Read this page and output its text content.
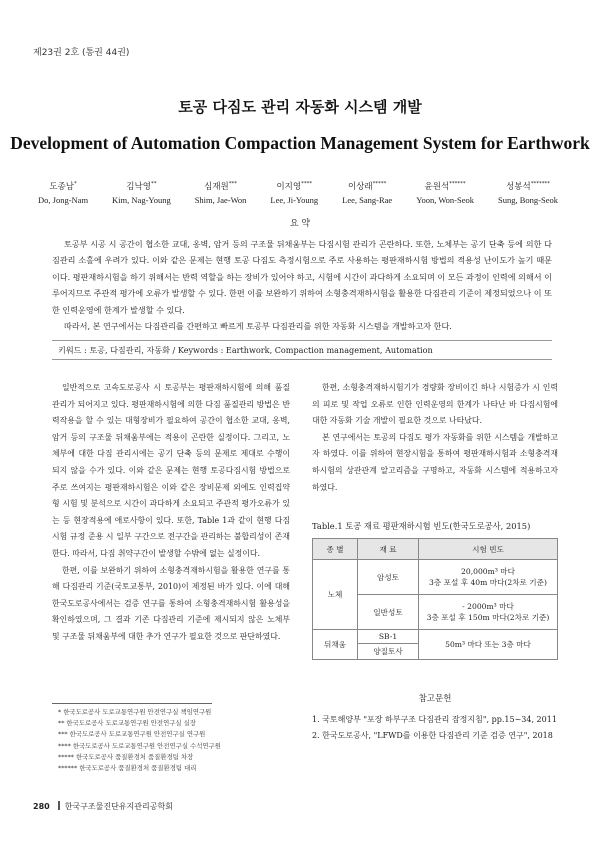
제23권 2호 (통권 44권)
토공 다짐도 관리 자동화 시스템 개발
Development of Automation Compaction Management System for Earthwork
도종남*
Do, Jong-Nam
김낙영**
Kim, Nag-Young
심재원***
Shim, Jae-Won
이지영****
Lee, Ji-Young
이상래*****
Lee, Sang-Rae
윤원석******
Yoon, Won-Seok
성봉석*******
Sung, Bong-Seok
요 약

토공부 시공 시 공간이 협소한 교대, 옹벽, 암거 등의 구조물 뒤채움부는 다짐시험 관리가 곤란하다. 또한, 노체부는 공기 단축 등에 의한 다짐관리 소홀에 우려가 있다. 이와 같은 문제는 현행 토공 다짐도 측정시험으로 주로 사용하는 평판재하시험 방법의 적용성 난이도가 높기 때문이다. 평판재하시험을 하기 위해서는 반력 역할을 하는 장비가 있어야 하고, 시험에 시간이 과다하게 소요되며 이 모든 과정이 인력에 의해서 이루어지므로 주관적 평가에 오류가 발생할 수 있다. 한편 이를 보완하기 위하여 소형충격재하시험을 활용한 다짐관리 기준이 제정되었으나 이 또한 인력운영에 한계가 발생할 수 있다.

따라서, 본 연구에서는 다짐관리를 간편하고 빠르게 토공부 다짐관리를 위한 자동화 시스템을 개발하고자 한다.

키워드 : 토공, 다짐관리, 자동화 / Keywords : Earthwork, Compaction management, Automation

일반적으로 고속도로공사 시 토공부는 평판재하시험에 의해 품질관리가 되어지고 있다. 평판재하시험에 의한 다짐 품질관리 방법은 반력작용을 할 수 있는 대형장비가 필요하여 공간이 협소한 교대, 옹벽, 암거 등의 구조물 뒤채움부에는 적용이 곤란한 실정이다. 그리고, 노체부에 대한 다짐 관리시에는 공기 단축 등의 문제로 제대로 수행이 되지 않을 수가 있다. 이와 같은 문제는 현행 토공다짐시험 방법으로 주로 쓰여지는 평판재하시험은 이와 같은 장비문제 외에도 인력집약형 시험 및 분석으로 시간이 과다하게 소요되고 주관적 평가오류가 있는 등 현장적용에 애로사항이 있다. 또한, Table 1과 같이 현행 다짐시험 규정 준용 시 일부 구간으로 전구간을 관리하는 불합리성이 존재한다. 따라서, 다짐 취약구간이 발생할 수밖에 없는 실정이다.

한편, 이를 보완하기 위하여 소형충격재하시험을 활용한 연구를 통해 다짐관리 기준(국토교통부, 2010)이 제정된 바가 있다. 이에 대해 한국도로공사에서는 검증 연구를 통하여 소형충격재하시험 활용성을 확인하였으며, 그 결과 기존 다짐관리 기준에 제시되지 않은 노체부 및 구조물 뒤채움부에 대한 추가 연구가 필요한 것으로 판단하였다.

한편, 소형충격재하시험기가 경량화 장비이긴 하나 시험증가 시 인력의 피로 및 작업 오류로 인한 인력운영의 한계가 나타난 바 다짐시험에 대한 자동화 기술 개발이 필요한 것으로 나타났다.

본 연구에서는 토공의 다짐도 평가 자동화를 위한 시스템을 개발하고자 하였다. 이를 위하여 현장시험을 통하여 평판재하시험과 소형충격재하시험의 상관관계 알고리즘을 구명하고, 자동화 시스템에 적용하고자 하였다.

Table.1 토공 재료 평판재하시험 빈도(한국도로공사, 2015)
종 별	재 료	시험 빈도
노체	암성토	20,000m³ 마다
3층 포설 후 40m 마다(2차로 기준)

	일반성토	- 2000m³ 마다
3층 포설 후 150m 마다(2차로 기준)

뒤채움	SB-1	50m³ 마다 또는 3층 마다
	양질토사	
참고문헌
1. 국토해양부 "포장 하부구조 다짐관리 잠정지침", pp.15~34, 2011
2. 한국도로공사, "LFWD를 이용한 다짐관리 기준 검증 연구", 2018
* 한국도로공사 도로교통연구원 안전연구실 책임연구원
** 한국도로공사 도로교통연구원 안전연구실 실장
*** 한국도로공사 도로교통연구원 안전연구실 연구원
**** 한국도로공사 도로교통연구원 안전연구실 수석연구원
***** 한국도로공사 품질환경처 품질환경팀 차장
****** 한국도로공사 품질환경처 품질환경팀 대리
280 한국구조물진단유지관리공학회
